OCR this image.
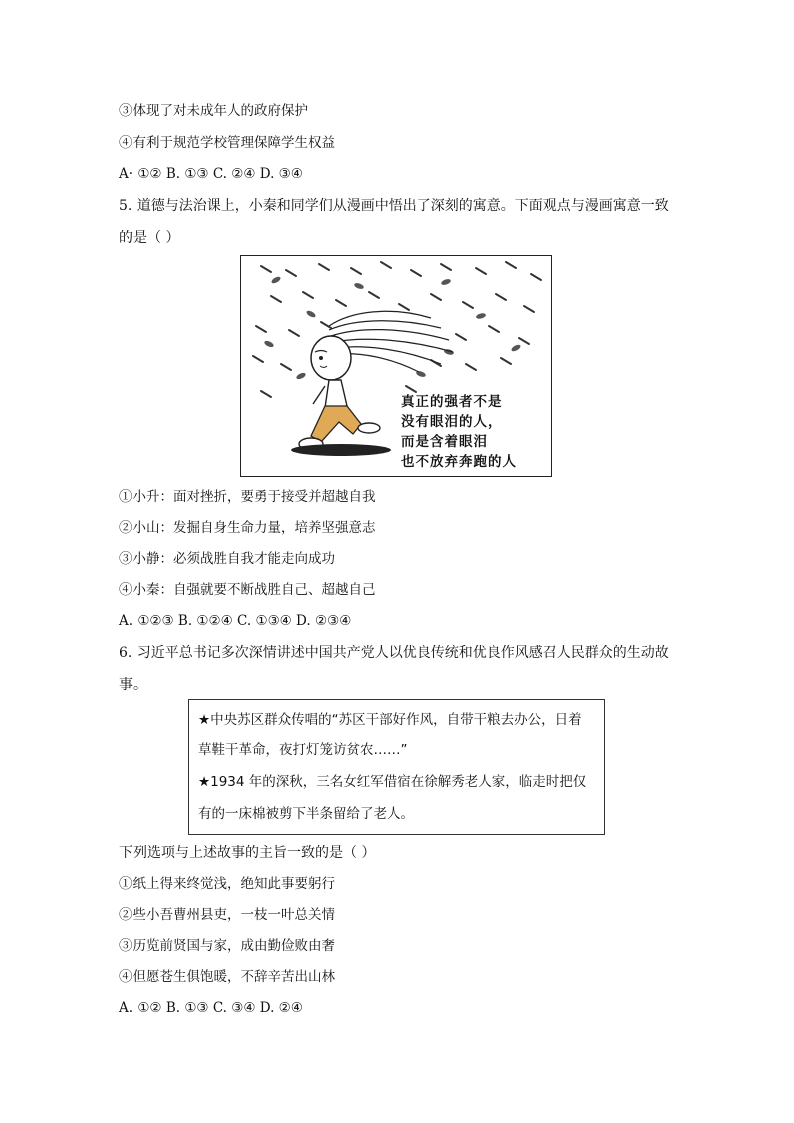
③体现了对未成年人的政府保护
④有利于规范学校管理保障学生权益
A· ①② B. ①③ C. ②④ D. ③④
5. 道德与法治课上，小秦和同学们从漫画中悟出了深刻的寓意。下面观点与漫画寓意一致
的是（ ）
真正的强者不是
没有眼泪的人，
而是含着眼泪
也不放弃奔跑的人
①小升：面对挫折，要勇于接受并超越自我
②小山：发掘自身生命力量，培养坚强意志
③小静：必须战胜自我才能走向成功
④小秦：自强就要不断战胜自己、超越自己
A. ①②③ B. ①②④ C. ①③④ D. ②③④
6. 习近平总书记多次深情讲述中国共产党人以优良传统和优良作风感召人民群众的生动故
事。
★中央苏区群众传唱的“苏区干部好作风，自带干粮去办公，日着
草鞋干革命，夜打灯笼访贫农……”
★1934 年的深秋，三名女红军借宿在徐解秀老人家，临走时把仅
有的一床棉被剪下半条留给了老人。
下列选项与上述故事的主旨一致的是（ ）
①纸上得来终觉浅，绝知此事要躬行
②些小吾曹州县吏，一枝一叶总关情
③历览前贤国与家，成由勤俭败由奢
④但愿苍生俱饱暖，不辞辛苦出山林
A. ①② B. ①③ C. ③④ D. ②④
